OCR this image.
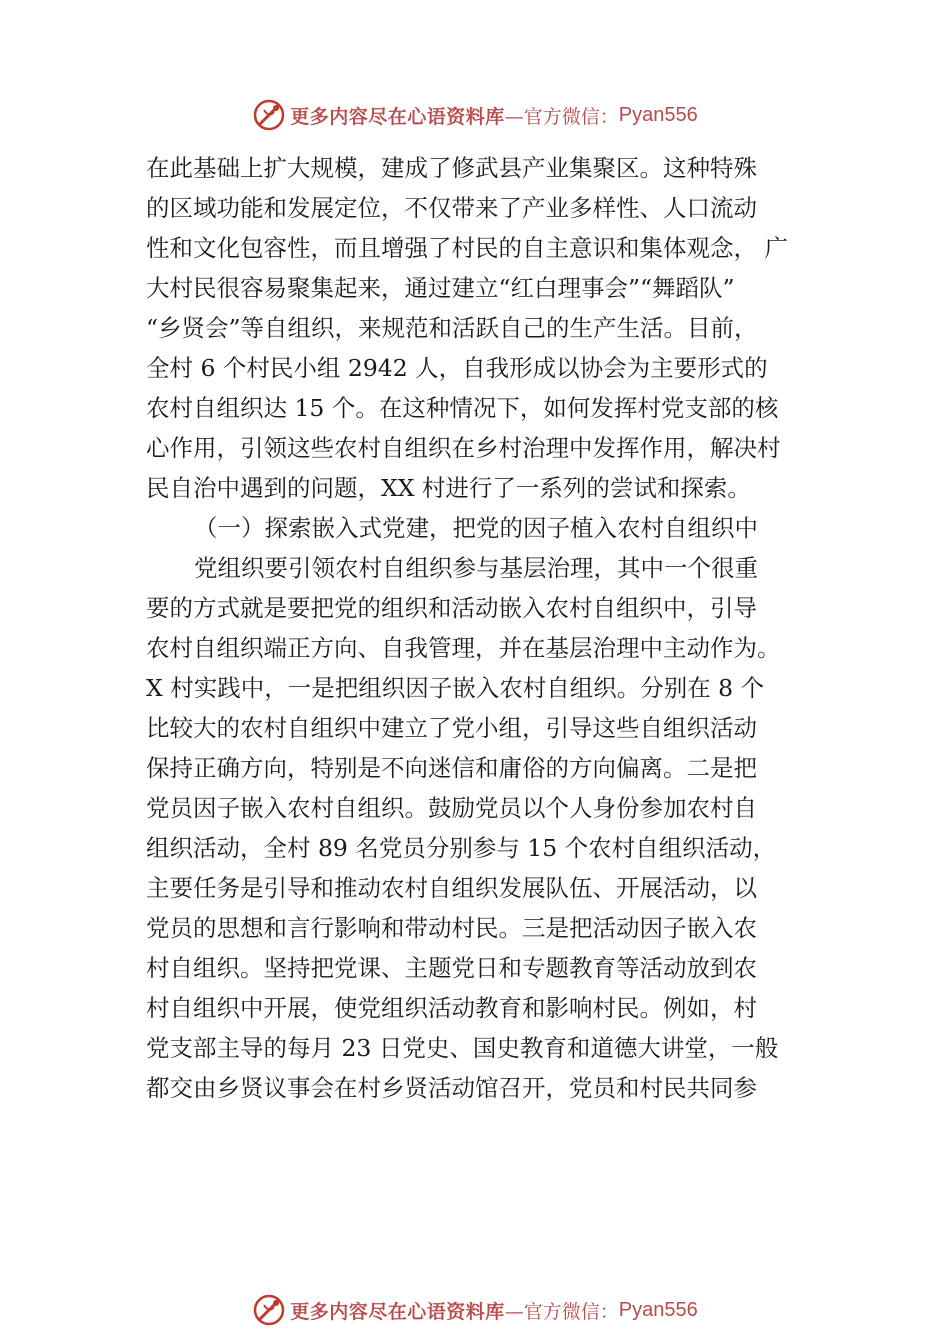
更多内容尽在心语资料库 —官方微信： Pyan556
在此基础上扩大规模，建成了修武县产业集聚区。这种特殊
的区域功能和发展定位，不仅带来了产业多样性、人口流动
性和文化包容性，而且增强了村民的自主意识和集体观念， 广
大村民很容易聚集起来，通过建立“红白理事会”“舞蹈队”
“乡贤会”等自组织，来规范和活跃自己的生产生活。目前，
全村 6 个村民小组 2942 人，自我形成以协会为主要形式的
农村自组织达 15 个。在这种情况下，如何发挥村党支部的核
心作用，引领这些农村自组织在乡村治理中发挥作用，解决村
民自治中遇到的问题，XX 村进行了一系列的尝试和探索。
（一）探索嵌入式党建，把党的因子植入农村自组织中
党组织要引领农村自组织参与基层治理，其中一个很重
要的方式就是要把党的组织和活动嵌入农村自组织中，引导
农村自组织端正方向、自我管理，并在基层治理中主动作为。
X 村实践中，一是把组织因子嵌入农村自组织。分别在 8 个
比较大的农村自组织中建立了党小组，引导这些自组织活动
保持正确方向，特别是不向迷信和庸俗的方向偏离。二是把
党员因子嵌入农村自组织。鼓励党员以个人身份参加农村自
组织活动，全村 89 名党员分别参与 15 个农村自组织活动，
主要任务是引导和推动农村自组织发展队伍、开展活动，以
党员的思想和言行影响和带动村民。三是把活动因子嵌入农
村自组织。坚持把党课、主题党日和专题教育等活动放到农
村自组织中开展，使党组织活动教育和影响村民。例如，村
党支部主导的每月 23 日党史、国史教育和道德大讲堂，一般
都交由乡贤议事会在村乡贤活动馆召开，党员和村民共同参
更多内容尽在心语资料库 —官方微信： Pyan556
